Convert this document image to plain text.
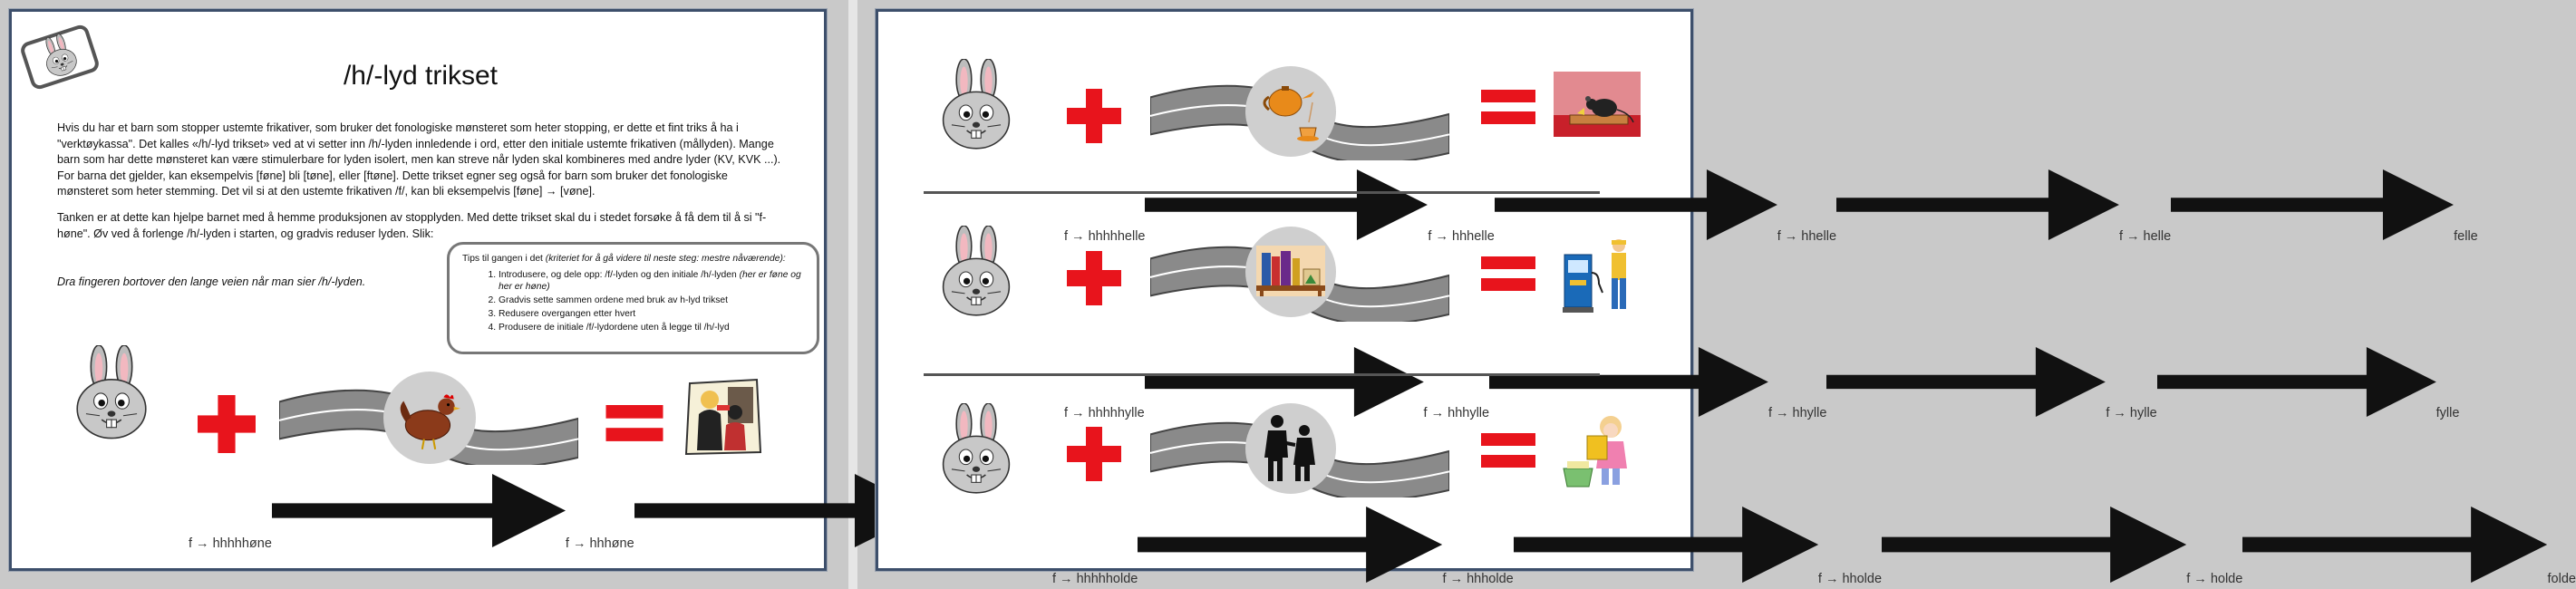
/h/-lyd trikset

Hvis du har et barn som stopper ustemte frikativer, som bruker det fonologiske mønsteret som heter stopping, er dette et fint triks å ha i "verktøykassa". Det kalles «/h/-lyd trikset» ved at vi setter inn /h/-lyden innledende i ord, etter den initiale ustemte frikativen (mållyden). Mange barn som har dette mønsteret kan være stimulerbare for lyden isolert, men kan streve når lyden skal kombineres med andre lyder (KV, KVK ...). For barna det gjelder, kan eksempelvis [føne] bli [tøne], eller [ftøne]. Dette trikset egner seg også for barn som bruker det fonologiske mønsteret som heter stemming. Det vil si at den ustemte frikativen /f/, kan bli eksempelvis [føne] → [vøne].

Tanken er at dette kan hjelpe barnet med å hemme produksjonen av stopplyden. Med dette trikset skal du i stedet forsøke å få dem til å si "f- høne". Øv ved å forlenge /h/-lyden i starten, og gradvis reduser lyden. Slik:

Dra fingeren bortover den lange veien når man sier /h/-lyden.

Tips til gangen i det (kriteriet for å gå videre til neste steg: mestre nåværende):
1. Introdusere, og dele opp: /f/-lyden og den initiale /h/-lyden (her er føne og her er høne)
2. Gradvis sette sammen ordene med bruk av h-lyd trikset
3. Redusere overgangen etter hvert
4. Produsere de initiale /f/-lydordene uten å legge til /h/-lyd
f → hhhhhøne	f → hhhøne
f → hhhhhelle	f → hhhelle	f → hhelle	f → helle	felle
f → hhhhhylle	f → hhhylle	f → hhylle	f → hylle	fylle
f → hhhhholde	f → hhholde	f → hholde	f → holde	folde
